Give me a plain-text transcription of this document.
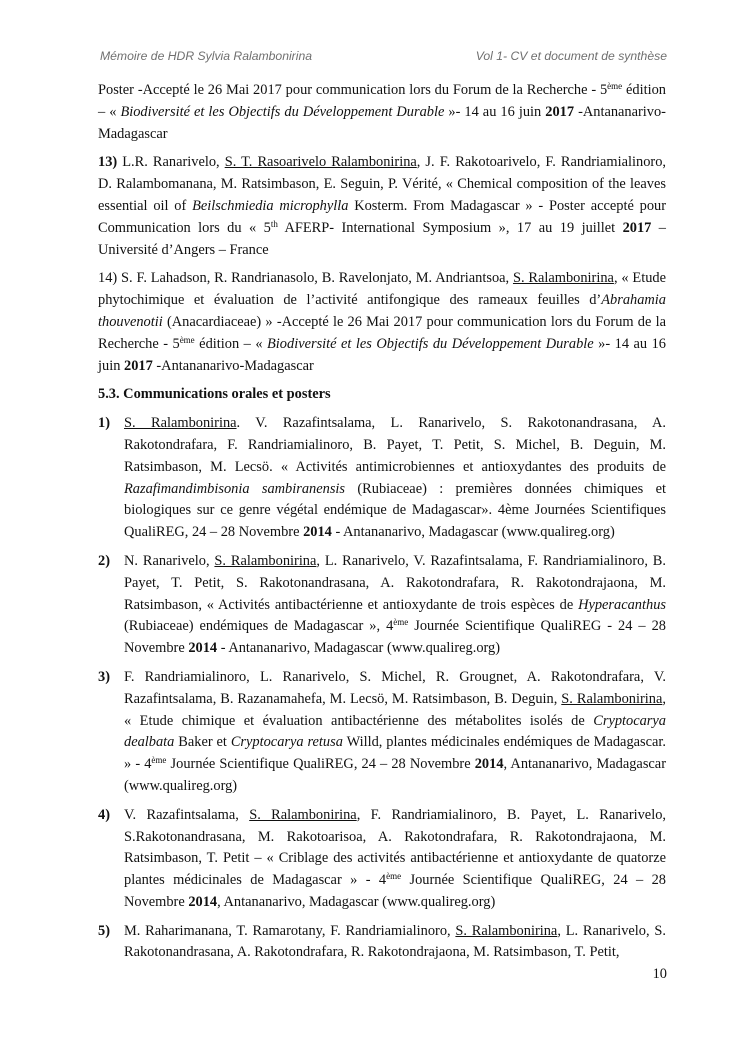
Mémoire de HDR Sylvia Ralambonirina	Vol 1- CV et document de synthèse

Poster -Accepté le 26 Mai 2017 pour communication lors du Forum de la Recherche - 5ème édition – « Biodiversité et les Objectifs du Développement Durable »- 14 au 16 juin 2017 -Antananarivo-Madagascar

13) L.R. Ranarivelo, S. T. Rasoarivelo Ralambonirina, J. F. Rakotoarivelo, F. Randriamialinoro, D. Ralambomanana, M. Ratsimbason, E. Seguin, P. Vérité, « Chemical composition of the leaves essential oil of Beilschmiedia microphylla Kosterm. From Madagascar » - Poster accepté pour Communication lors du « 5th AFERP- International Symposium », 17 au 19 juillet 2017 – Université d’Angers – France

14) S. F. Lahadson, R. Randrianasolo, B. Ravelonjato, M. Andriantsoa, S. Ralambonirina, « Etude phytochimique et évaluation de l’activité antifongique des rameaux feuilles d’Abrahamia thouvenotii (Anacardiaceae) » -Accepté le 26 Mai 2017 pour communication lors du Forum de la Recherche - 5ème édition – « Biodiversité et les Objectifs du Développement Durable »- 14 au 16 juin 2017 -Antananarivo-Madagascar

5.3. Communications orales et posters

1) S. Ralambonirina. V. Razafintsalama, L. Ranarivelo, S. Rakotonandrasana, A. Rakotondrafara, F. Randriamialinoro, B. Payet, T. Petit, S. Michel, B. Deguin, M. Ratsimbason, M. Lecsö. « Activités antimicrobiennes et antioxydantes des produits de Razafimandimbisonia sambiranensis (Rubiaceae) : premières données chimiques et biologiques sur ce genre végétal endémique de Madagascar». 4ème Journées Scientifiques QualiREG, 24 – 28 Novembre 2014 - Antananarivo, Madagascar (www.qualireg.org)
2) N. Ranarivelo, S. Ralambonirina, L. Ranarivelo, V. Razafintsalama, F. Randriamialinoro, B. Payet, T. Petit, S. Rakotonandrasana, A. Rakotondrafara, R. Rakotondrajaona, M. Ratsimbason, « Activités antibactérienne et antioxydante de trois espèces de Hyperacanthus (Rubiaceae) endémiques de Madagascar », 4ème Journée Scientifique QualiREG - 24 – 28 Novembre 2014 - Antananarivo, Madagascar (www.qualireg.org)
3) F. Randriamialinoro, L. Ranarivelo, S. Michel, R. Grougnet, A. Rakotondrafara, V. Razafintsalama, B. Razanamahefa, M. Lecsö, M. Ratsimbason, B. Deguin, S. Ralambonirina, « Etude chimique et évaluation antibactérienne des métabolites isolés de Cryptocarya dealbata Baker et Cryptocarya retusa Willd, plantes médicinales endémiques de Madagascar. » - 4ème Journée Scientifique QualiREG, 24 – 28 Novembre 2014, Antananarivo, Madagascar (www.qualireg.org)
4) V. Razafintsalama, S. Ralambonirina, F. Randriamialinoro, B. Payet, L. Ranarivelo, S.Rakotonandrasana, M. Rakotoarisoa, A. Rakotondrafara, R. Rakotondrajaona, M. Ratsimbason, T. Petit – « Criblage des activités antibactérienne et antioxydante de quatorze plantes médicinales de Madagascar » - 4ème Journée Scientifique QualiREG, 24 – 28 Novembre 2014, Antananarivo, Madagascar (www.qualireg.org)
5) M. Raharimanana, T. Ramarotany, F. Randriamialinoro, S. Ralambonirina, L. Ranarivelo, S. Rakotonandrasana, A. Rakotondrafara, R. Rakotondrajaona, M. Ratsimbason, T. Petit,
10
